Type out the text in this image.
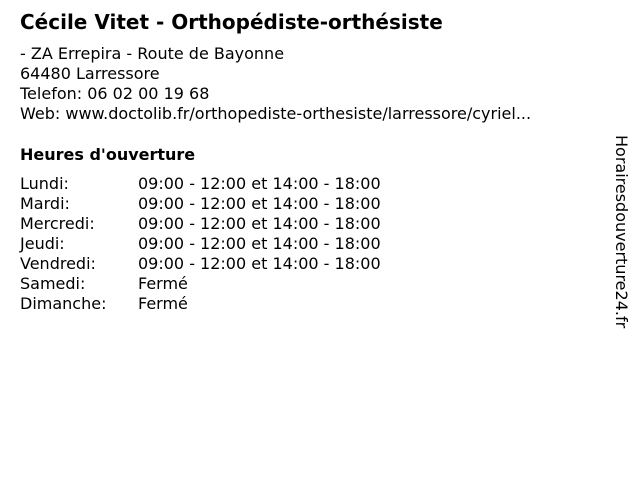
Cécile Vitet - Orthopédiste-orthésiste
- ZA Errepira - Route de Bayonne
64480 Larressore
Telefon: 06 02 00 19 68
Web: www.doctolib.fr/orthopediste-orthesiste/larressore/cyriel...
Heures d'ouverture
Lundi:	09:00 - 12:00 et 14:00 - 18:00
Mardi:	09:00 - 12:00 et 14:00 - 18:00
Mercredi:	09:00 - 12:00 et 14:00 - 18:00
Jeudi:	09:00 - 12:00 et 14:00 - 18:00
Vendredi:	09:00 - 12:00 et 14:00 - 18:00
Samedi:	Fermé
Dimanche:	Fermé	Horairesdouverture24.fr
